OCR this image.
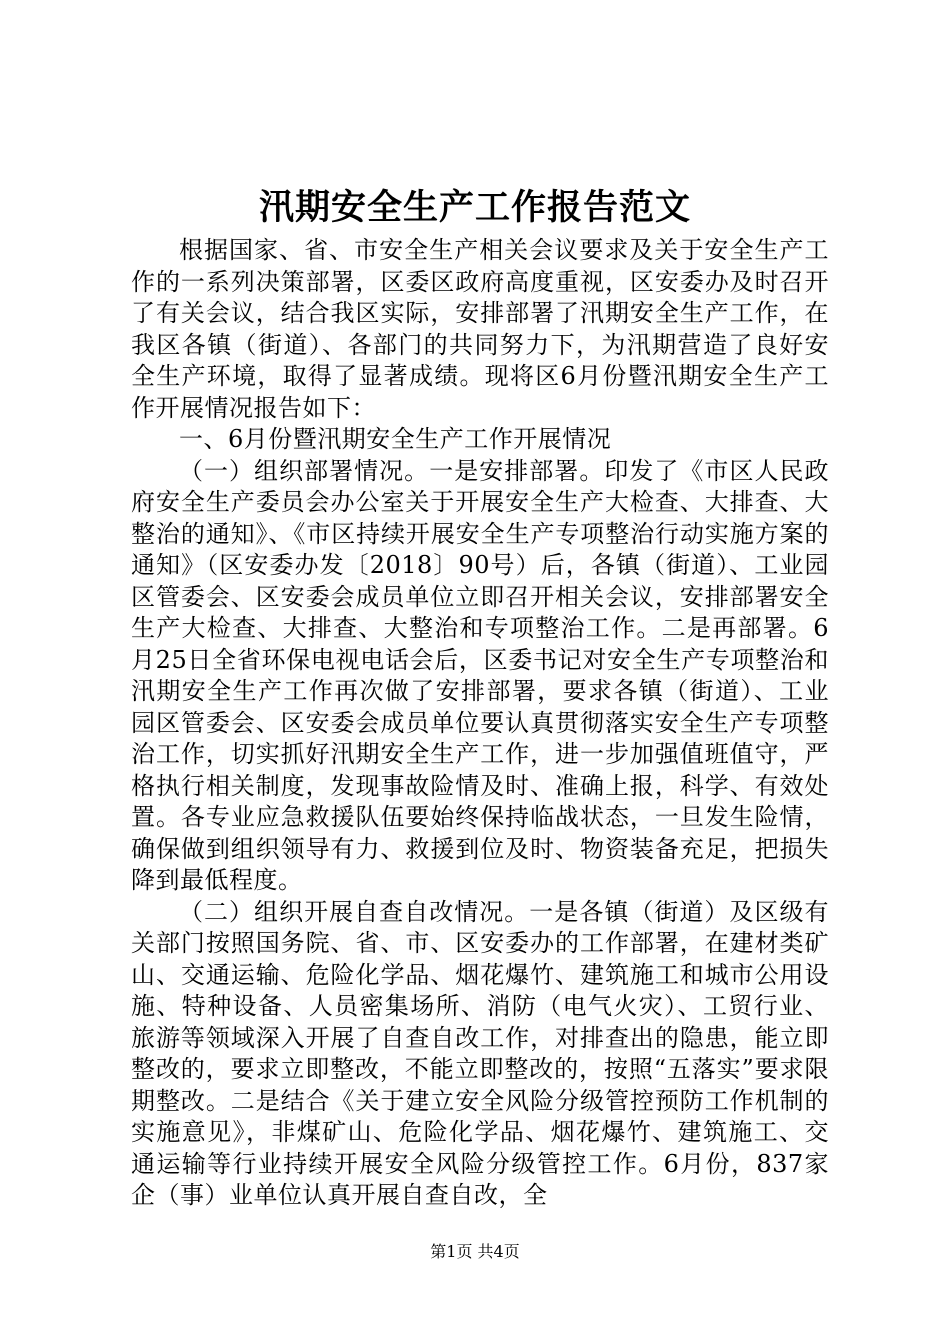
汛期安全生产工作报告范文

根据国家、省、市安全生产相关会议要求及关于安全生产工作的一系列决策部署，区委区政府高度重视，区安委办及时召开了有关会议，结合我区实际，安排部署了汛期安全生产工作，在我区各镇（街道）、各部门的共同努力下，为汛期营造了良好安全生产环境，取得了显著成绩。现将区6月份暨汛期安全生产工作开展情况报告如下：

一、6月份暨汛期安全生产工作开展情况

（一）组织部署情况。一是安排部署。印发了《市区人民政府安全生产委员会办公室关于开展安全生产大检查、大排查、大整治的通知》、《市区持续开展安全生产专项整治行动实施方案的通知》（区安委办发〔2018〕90号）后，各镇（街道）、工业园区管委会、区安委会成员单位立即召开相关会议，安排部署安全生产大检查、大排查、大整治和专项整治工作。二是再部署。6月25日全省环保电视电话会后，区委书记对安全生产专项整治和汛期安全生产工作再次做了安排部署，要求各镇（街道）、工业园区管委会、区安委会成员单位要认真贯彻落实安全生产专项整治工作，切实抓好汛期安全生产工作，进一步加强值班值守，严格执行相关制度，发现事故险情及时、准确上报，科学、有效处置。各专业应急救援队伍要始终保持临战状态，一旦发生险情，确保做到组织领导有力、救援到位及时、物资装备充足，把损失降到最低程度。

（二）组织开展自查自改情况。一是各镇（街道）及区级有关部门按照国务院、省、市、区安委办的工作部署，在建材类矿山、交通运输、危险化学品、烟花爆竹、建筑施工和城市公用设施、特种设备、人员密集场所、消防（电气火灾）、工贸行业、旅游等领域深入开展了自查自改工作，对排查出的隐患，能立即整改的，要求立即整改，不能立即整改的，按照“五落实”要求限期整改。二是结合《关于建立安全风险分级管控预防工作机制的实施意见》，非煤矿山、危险化学品、烟花爆竹、建筑施工、交通运输等行业持续开展安全风险分级管控工作。6月份，837家企（事）业单位认真开展自查自改，全

第1页 共4页
